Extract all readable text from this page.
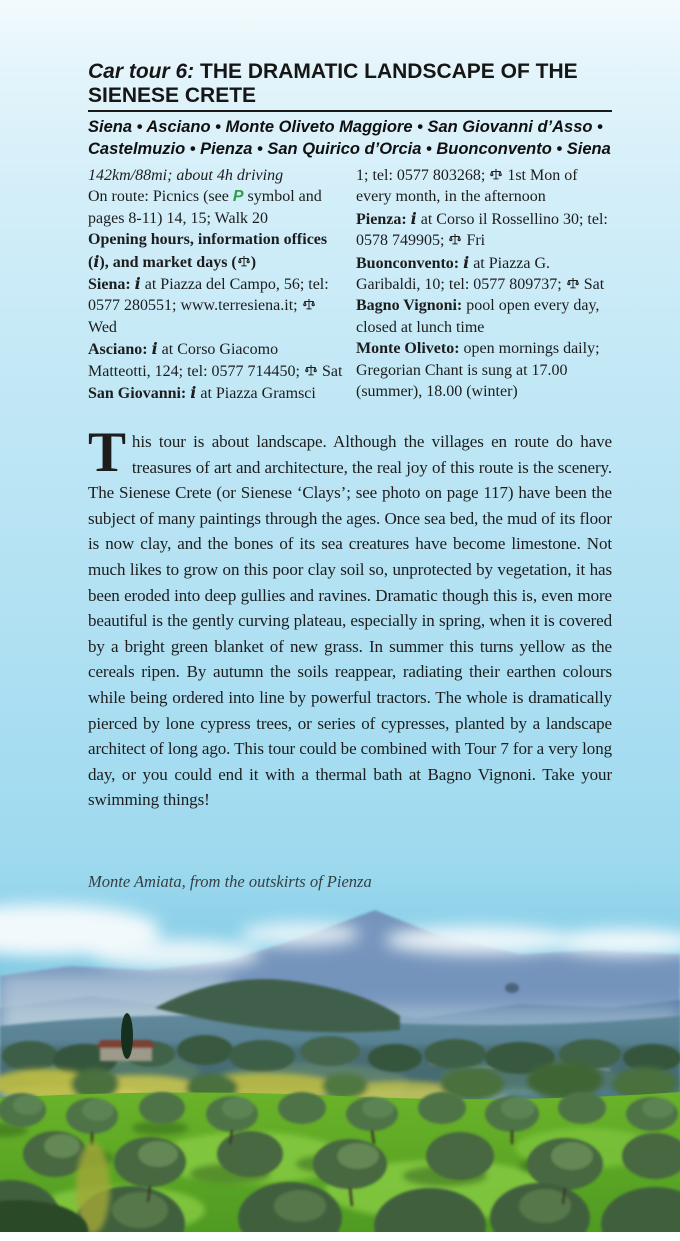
Car tour 6: THE DRAMATIC LANDSCAPE OF THE SIENESE CRETE

Siena • Asciano • Monte Oliveto Maggiore • San Giovanni d’Asso • Castelmuzio • Pienza • San Quirico d’Orcia • Buonconvento • Siena

142km/88mi; about 4h driving

On route: Picnics (see P symbol and pages 8-11) 14, 15; Walk 20

Opening hours, information offices (i), and market days ( )

Siena: i at Piazza del Campo, 56; tel: 0577 280551; www.terresiena.it;  Wed

Asciano: i at Corso Giacomo Matteotti, 124; tel: 0577 714450;  Sat

San Giovanni: i at Piazza Gramsci

1; tel: 0577 803268;  1st Mon of every month, in the afternoon

Pienza: i at Corso il Rossellino 30; tel: 0578 749905;  Fri

Buonconvento: i at Piazza G. Garibaldi, 10; tel: 0577 809737;  Sat

Bagno Vignoni: pool open every day, closed at lunch time

Monte Oliveto: open mornings daily; Gregorian Chant is sung at 17.00 (summer), 18.00 (winter)

This tour is about landscape. Although the villages en route do have treasures of art and architecture, the real joy of this route is the scenery. The Sienese Crete (or Sienese ‘Clays’; see photo on page 117) have been the subject of many paintings through the ages. Once sea bed, the mud of its floor is now clay, and the bones of its sea creatures have become limestone. Not much likes to grow on this poor clay soil so, unprotected by vegetation, it has been eroded into deep gullies and ravines. Dramatic though this is, even more beautiful is the gently curving plateau, especially in spring, when it is covered by a bright green blanket of new grass. In summer this turns yellow as the cereals ripen. By autumn the soils reappear, radiating their earthen colours while being ordered into line by powerful tractors. The whole is dramatically pierced by lone cypress trees, or series of cypresses, planted by a landscape architect of long ago. This tour could be combined with Tour 7 for a very long day, or you could end it with a thermal bath at Bagno Vignoni. Take your swimming things!
